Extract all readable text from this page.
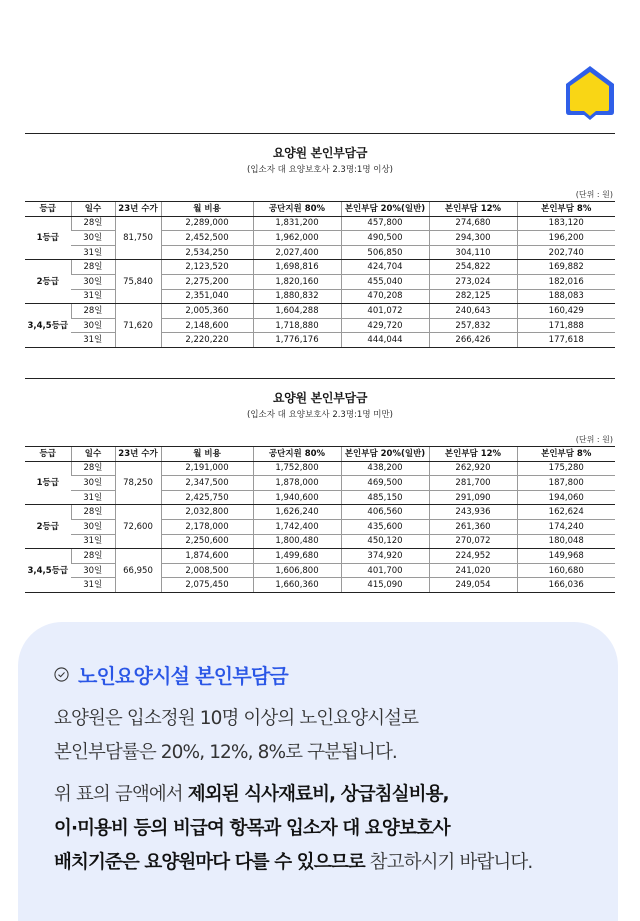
요양원 본인부담금
(입소자 대 요양보호사 2.3명:1명 이상)
(단위 : 원)
등급	일수	23년 수가	월 비용	공단지원 80%	본인부담 20%(일반)	본인부담 12%	본인부담 8%
1등급	28일	81,750	2,289,000	1,831,200	457,800	274,680	183,120
	30일		2,452,500	1,962,000	490,500	294,300	196,200
	31일		2,534,250	2,027,400	506,850	304,110	202,740
2등급	28일	75,840	2,123,520	1,698,816	424,704	254,822	169,882
	30일		2,275,200	1,820,160	455,040	273,024	182,016
	31일		2,351,040	1,880,832	470,208	282,125	188,083
3,4,5등급	28일	71,620	2,005,360	1,604,288	401,072	240,643	160,429
	30일		2,148,600	1,718,880	429,720	257,832	171,888
	31일		2,220,220	1,776,176	444,044	266,426	177,618
요양원 본인부담금
(입소자 대 요양보호사 2.3명:1명 미만)
(단위 : 원)
등급	일수	23년 수가	월 비용	공단지원 80%	본인부담 20%(일반)	본인부담 12%	본인부담 8%
1등급	28일	78,250	2,191,000	1,752,800	438,200	262,920	175,280
	30일		2,347,500	1,878,000	469,500	281,700	187,800
	31일		2,425,750	1,940,600	485,150	291,090	194,060
2등급	28일	72,600	2,032,800	1,626,240	406,560	243,936	162,624
	30일		2,178,000	1,742,400	435,600	261,360	174,240
	31일		2,250,600	1,800,480	450,120	270,072	180,048
3,4,5등급	28일	66,950	1,874,600	1,499,680	374,920	224,952	149,968
	30일		2,008,500	1,606,800	401,700	241,020	160,680
	31일		2,075,450	1,660,360	415,090	249,054	166,036
노인요양시설 본인부담금
요양원은 입소정원 10명 이상의 노인요양시설로
본인부담률은 20%, 12%, 8%로 구분됩니다.
위 표의 금액에서 제외된 식사재료비, 상급침실비용,
이·미용비 등의 비급여 항목과 입소자 대 요양보호사
배치기준은 요양원마다 다를 수 있으므로 참고하시기 바랍니다.
